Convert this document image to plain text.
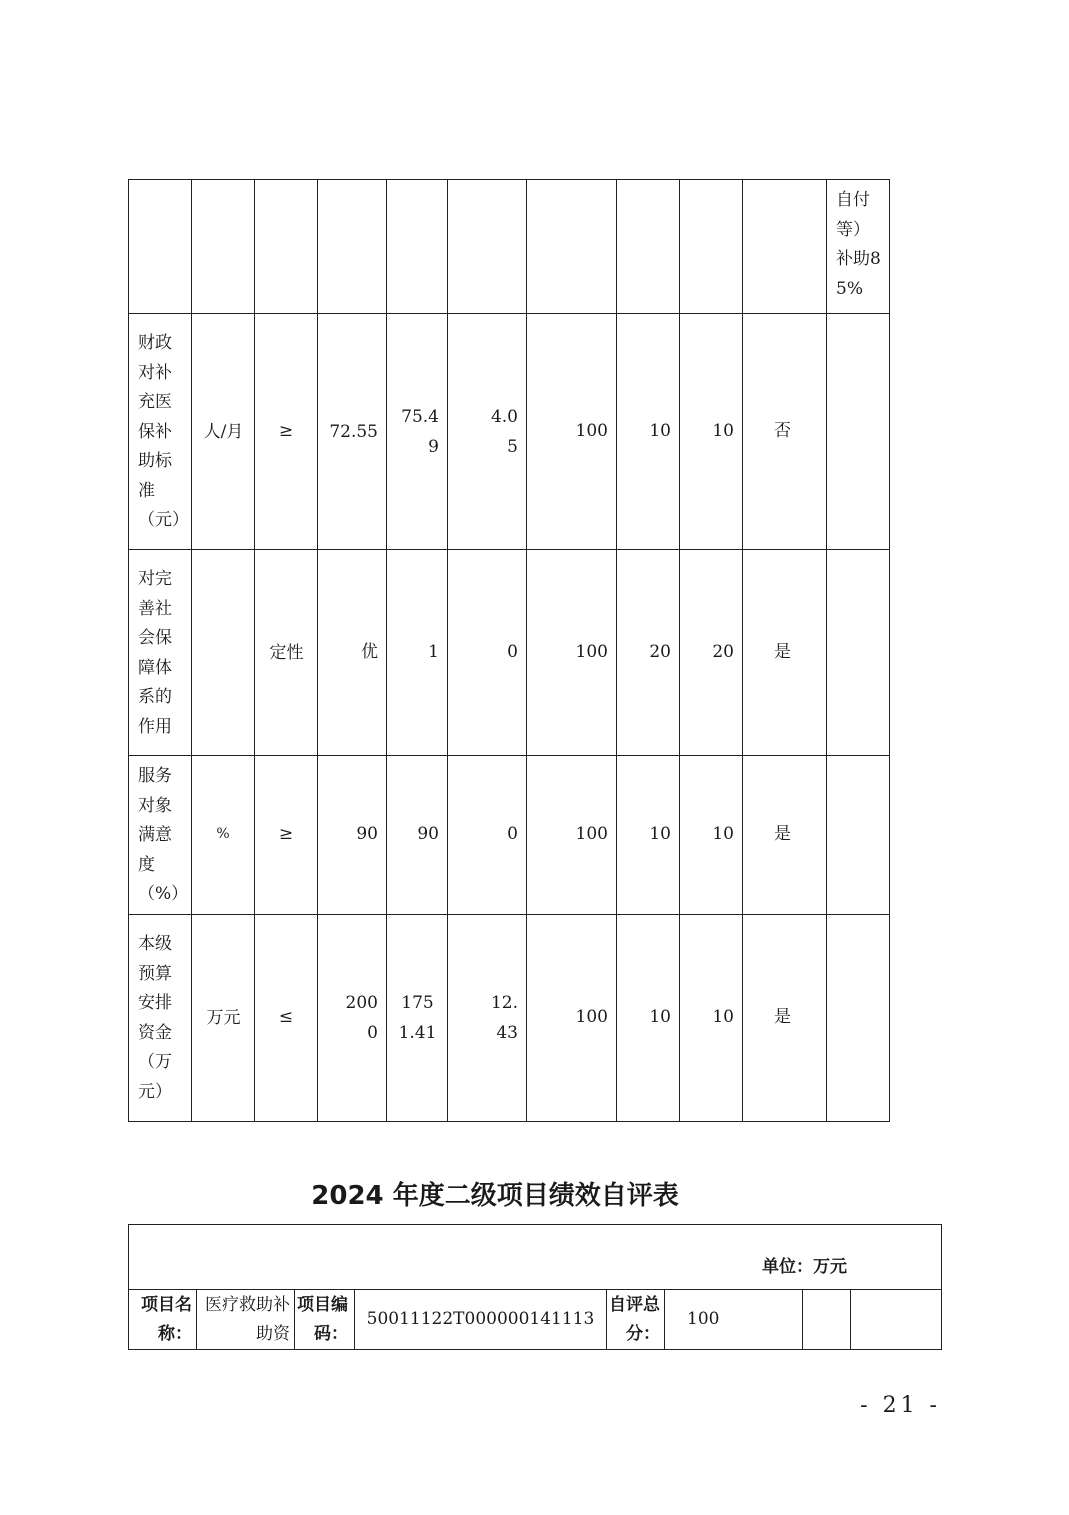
										自付等）补助85%
财政对补充医保补助标准（元）	人/月	≥	72.55	75.49	4.05	100	10	10	否	
对完善社会保障体系的作用		定性	优	1	0	100	20	20	是	
服务对象满意度（%）	%	≥	90	90	0	100	10	10	是	
本级预算安排资金（万元）	万元	≤	2000	1751.41	12.43	100	10	10	是	
2024 年度二级项目绩效自评表
单位：万元
项目名称：	医疗救助补助资	项目编码：	50011122T000000141113	自评总分：	100		
- 21 -
